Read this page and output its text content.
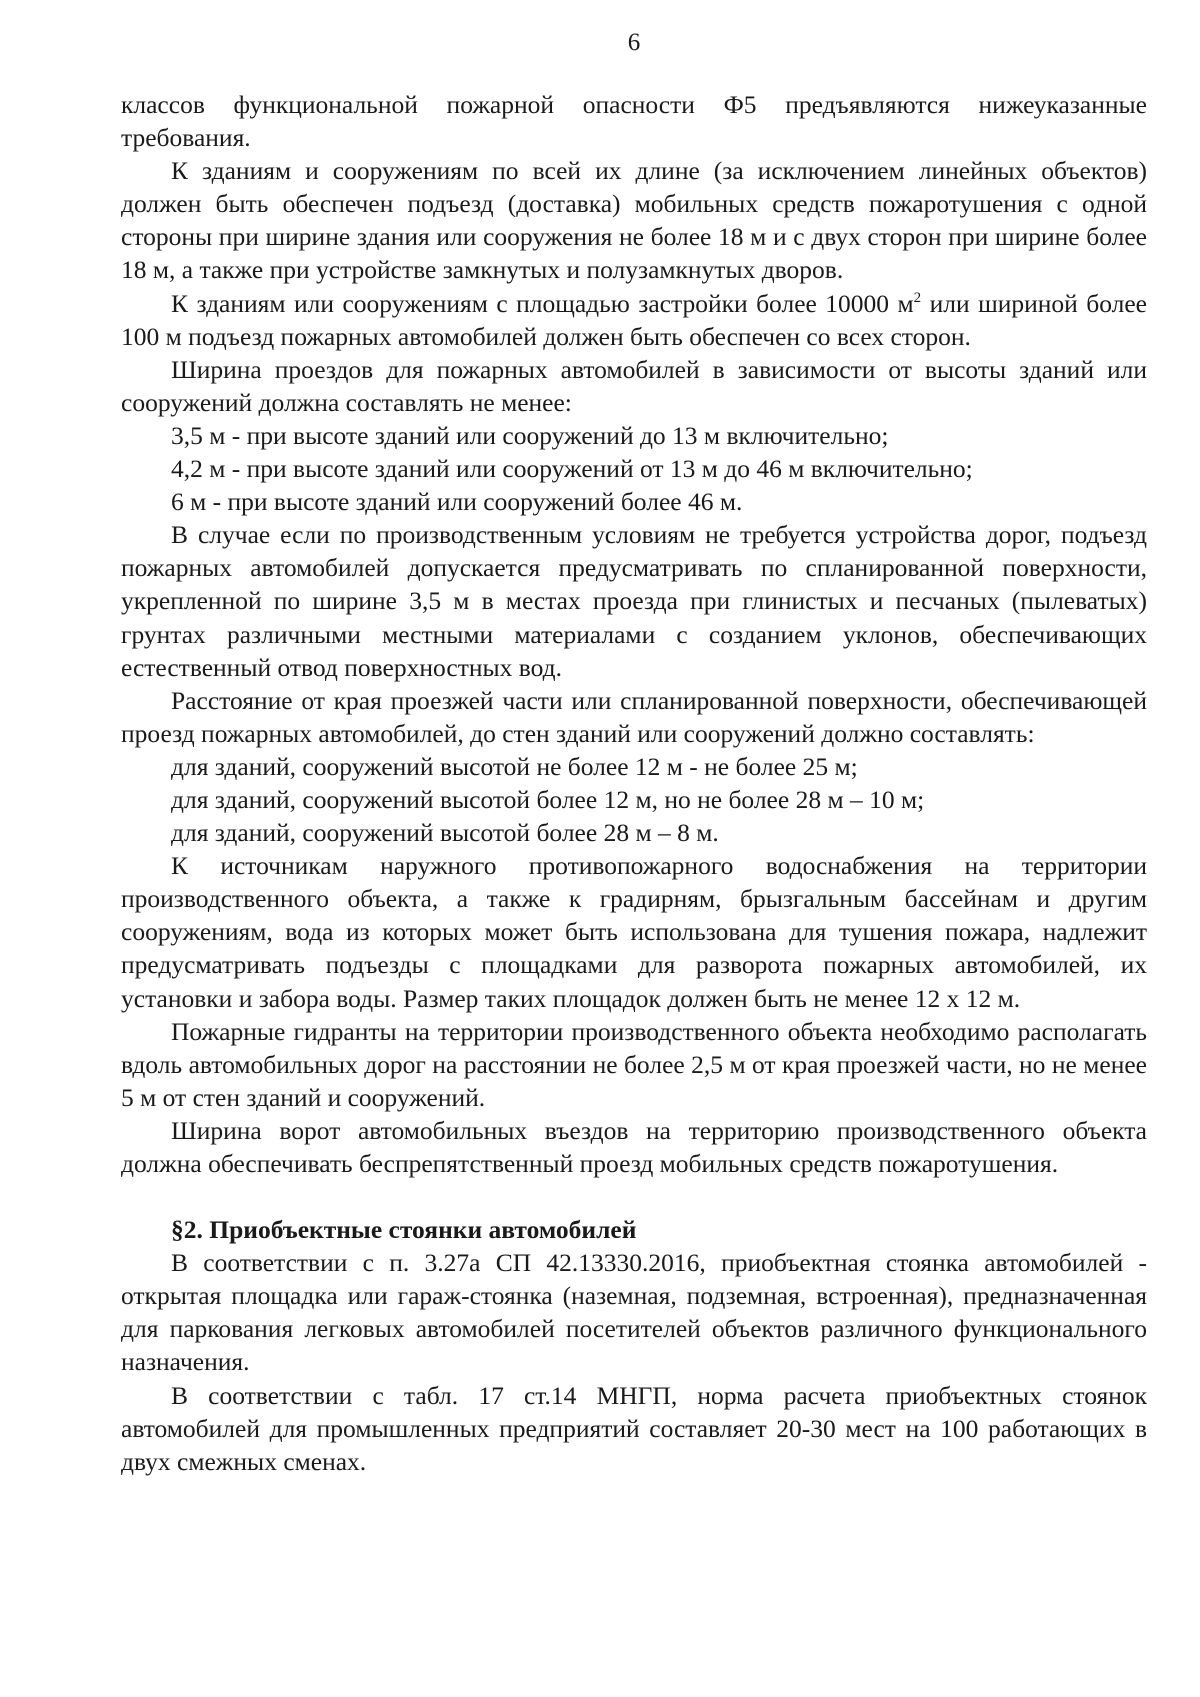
6

классов функциональной пожарной опасности Ф5 предъявляются нижеуказанные требования.

К зданиям и сооружениям по всей их длине (за исключением линейных объектов) должен быть обеспечен подъезд (доставка) мобильных средств пожаротушения с одной стороны при ширине здания или сооружения не более 18 м и с двух сторон при ширине более 18 м, а также при устройстве замкнутых и полузамкнутых дворов.

К зданиям или сооружениям с площадью застройки более 10000 $м^2$ или шириной более 100 м подъезд пожарных автомобилей должен быть обеспечен со всех сторон.

Ширина проездов для пожарных автомобилей в зависимости от высоты зданий или сооружений должна составлять не менее:

3,5 м - при высоте зданий или сооружений до 13 м включительно;

4,2 м - при высоте зданий или сооружений от 13 м до 46 м включительно;

6 м - при высоте зданий или сооружений более 46 м.

В случае если по производственным условиям не требуется устройства дорог, подъезд пожарных автомобилей допускается предусматривать по спланированной поверхности, укрепленной по ширине 3,5 м в местах проезда при глинистых и песчаных (пылеватых) грунтах различными местными материалами с созданием уклонов, обеспечивающих естественный отвод поверхностных вод.

Расстояние от края проезжей части или спланированной поверхности, обеспечивающей проезд пожарных автомобилей, до стен зданий или сооружений должно составлять:

для зданий, сооружений высотой не более 12 м - не более 25 м;

для зданий, сооружений высотой более 12 м, но не более 28 м – 10 м;

для зданий, сооружений высотой более 28 м – 8 м.

К источникам наружного противопожарного водоснабжения на территории производственного объекта, а также к градирням, брызгальным бассейнам и другим сооружениям, вода из которых может быть использована для тушения пожара, надлежит предусматривать подъезды с площадками для разворота пожарных автомобилей, их установки и забора воды. Размер таких площадок должен быть не менее 12 х 12 м.

Пожарные гидранты на территории производственного объекта необходимо располагать вдоль автомобильных дорог на расстоянии не более 2,5 м от края проезжей части, но не менее 5 м от стен зданий и сооружений.

Ширина ворот автомобильных въездов на территорию производственного объекта должна обеспечивать беспрепятственный проезд мобильных средств пожаротушения.

§2. Приобъектные стоянки автомобилей

В соответствии с п. 3.27а СП 42.13330.2016, приобъектная стоянка автомобилей - открытая площадка или гараж-стоянка (наземная, подземная, встроенная), предназначенная для паркования легковых автомобилей посетителей объектов различного функционального назначения.

В соответствии с табл. 17 ст.14 МНГП, норма расчета приобъектных стоянок автомобилей для промышленных предприятий составляет 20-30 мест на 100 работающих в двух смежных сменах.
